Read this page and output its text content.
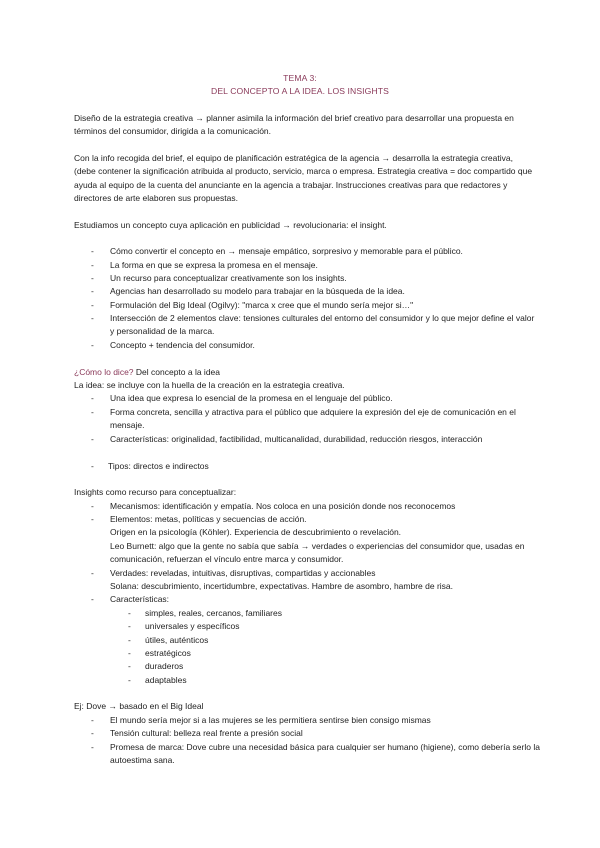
TEMA 3:
DEL CONCEPTO A LA IDEA. LOS INSIGHTS
Diseño de la estrategia creativa → planner asimila la información del brief creativo para desarrollar una propuesta en términos del consumidor, dirigida a la comunicación.
Con la info recogida del brief, el equipo de planificación estratégica de la agencia → desarrolla la estrategia creativa, (debe contener la significación atribuida al producto, servicio, marca o empresa. Estrategia creativa = doc compartido que ayuda al equipo de la cuenta del anunciante en la agencia a trabajar. Instrucciones creativas para que redactores y directores de arte elaboren sus propuestas.
Estudiamos un concepto cuya aplicación en publicidad → revolucionaria: el insight.
- Cómo convertir el concepto en → mensaje empático, sorpresivo y memorable para el público.
- La forma en que se expresa la promesa en el mensaje.
- Un recurso para conceptualizar creativamente son los insights.
- Agencias han desarrollado su modelo para trabajar en la búsqueda de la idea.
- Formulación del Big Ideal (Ogilvy): "marca x cree que el mundo sería mejor si…"
- Intersección de 2 elementos clave: tensiones culturales del entorno del consumidor y lo que mejor define el valor y personalidad de la marca.
- Concepto + tendencia del consumidor.
¿Cómo lo dice? Del concepto a la idea
La idea: se incluye con la huella de la creación en la estrategia creativa.
- Una idea que expresa lo esencial de la promesa en el lenguaje del público.
- Forma concreta, sencilla y atractiva para el público que adquiere la expresión del eje de comunicación en el mensaje.
- Características: originalidad, factibilidad, multicanalidad, durabilidad, reducción riesgos, interacción
- Tipos: directos e indirectos
Insights como recurso para conceptualizar:
- Mecanismos: identificación y empatía. Nos coloca en una posición donde nos reconocemos
- Elementos: metas, políticas y secuencias de acción.
Origen en la psicología (Köhler). Experiencia de descubrimiento o revelación.
Leo Burnett: algo que la gente no sabía que sabía → verdades o experiencias del consumidor que, usadas en comunicación, refuerzan el vínculo entre marca y consumidor.
- Verdades: reveladas, intuitivas, disruptivas, compartidas y accionables
Solana: descubrimiento, incertidumbre, expectativas. Hambre de asombro, hambre de risa.
- Características:
- simples, reales, cercanos, familiares
- universales y específicos
- útiles, auténticos
- estratégicos
- duraderos
- adaptables
Ej: Dove → basado en el Big Ideal
- El mundo sería mejor si a las mujeres se les permitiera sentirse bien consigo mismas
- Tensión cultural: belleza real frente a presión social
- Promesa de marca: Dove cubre una necesidad básica para cualquier ser humano (higiene), como debería serlo la autoestima sana.
